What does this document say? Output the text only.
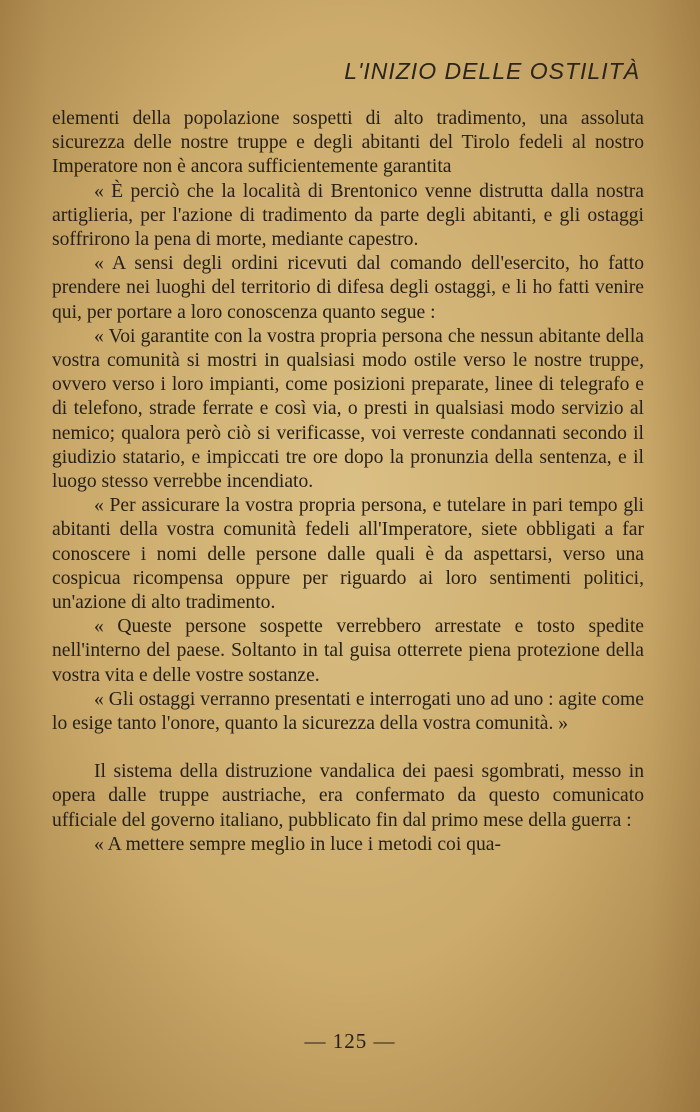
L'INIZIO DELLE OSTILITÀ

elementi della popolazione sospetti di alto tradimento, una assoluta sicurezza delle nostre truppe e degli abitanti del Tirolo fedeli al nostro Imperatore non è ancora sufficientemente garantita

« È perciò che la località di Brentonico venne distrutta dalla nostra artiglieria, per l'azione di tradimento da parte degli abitanti, e gli ostaggi soffrirono la pena di morte, mediante capestro.

« A sensi degli ordini ricevuti dal comando dell'esercito, ho fatto prendere nei luoghi del territorio di difesa degli ostaggi, e li ho fatti venire qui, per portare a loro conoscenza quanto segue :

« Voi garantite con la vostra propria persona che nessun abitante della vostra comunità si mostri in qualsiasi modo ostile verso le nostre truppe, ovvero verso i loro impianti, come posizioni preparate, linee di telegrafo e di telefono, strade ferrate e così via, o presti in qualsiasi modo servizio al nemico; qualora però ciò si verificasse, voi verreste condannati secondo il giudizio statario, e impiccati tre ore dopo la pronunzia della sentenza, e il luogo stesso verrebbe incendiato.

« Per assicurare la vostra propria persona, e tutelare in pari tempo gli abitanti della vostra comunità fedeli all'Imperatore, siete obbligati a far conoscere i nomi delle persone dalle quali è da aspettarsi, verso una cospicua ricompensa oppure per riguardo ai loro sentimenti politici, un'azione di alto tradimento.

« Queste persone sospette verrebbero arrestate e tosto spedite nell'interno del paese. Soltanto in tal guisa otterrete piena protezione della vostra vita e delle vostre sostanze.

« Gli ostaggi verranno presentati e interrogati uno ad uno : agite come lo esige tanto l'onore, quanto la sicurezza della vostra comunità. »

Il sistema della distruzione vandalica dei paesi sgombrati, messo in opera dalle truppe austriache, era confermato da questo comunicato ufficiale del governo italiano, pubblicato fin dal primo mese della guerra :

« A mettere sempre meglio in luce i metodi coi qua-

— 125 —
